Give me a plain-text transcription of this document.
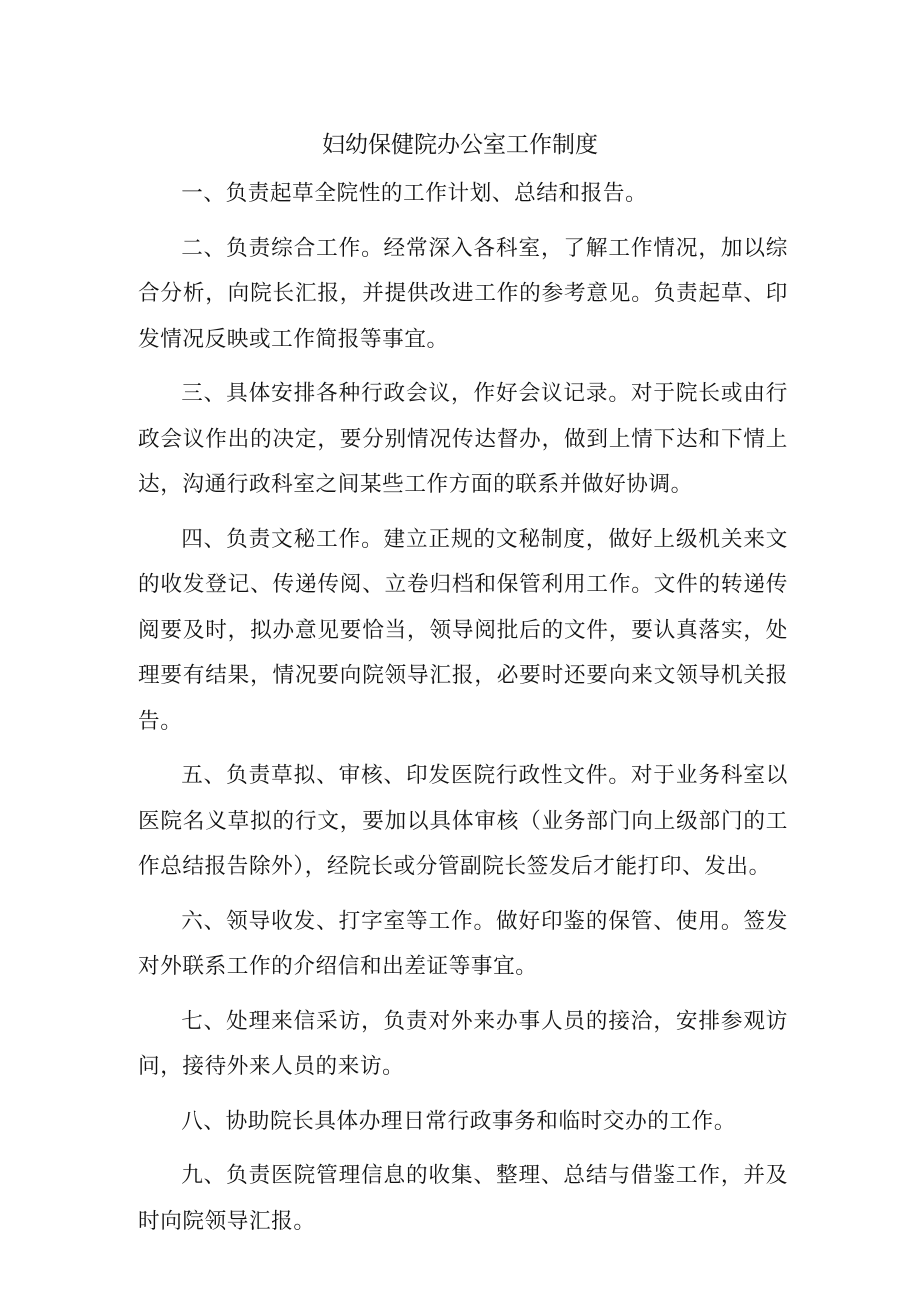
妇幼保健院办公室工作制度

一、负责起草全院性的工作计划、总结和报告。

二、负责综合工作。经常深入各科室，了解工作情况，加以综合分析，向院长汇报，并提供改进工作的参考意见。负责起草、印发情况反映或工作简报等事宜。

三、具体安排各种行政会议，作好会议记录。对于院长或由行政会议作出的决定，要分别情况传达督办，做到上情下达和下情上达，沟通行政科室之间某些工作方面的联系并做好协调。

四、负责文秘工作。建立正规的文秘制度，做好上级机关来文的收发登记、传递传阅、立卷归档和保管利用工作。文件的转递传阅要及时，拟办意见要恰当，领导阅批后的文件，要认真落实，处理要有结果，情况要向院领导汇报，必要时还要向来文领导机关报告。

五、负责草拟、审核、印发医院行政性文件。对于业务科室以医院名义草拟的行文，要加以具体审核（业务部门向上级部门的工作总结报告除外），经院长或分管副院长签发后才能打印、发出。

六、领导收发、打字室等工作。做好印鉴的保管、使用。签发对外联系工作的介绍信和出差证等事宜。

七、处理来信采访，负责对外来办事人员的接洽，安排参观访问，接待外来人员的来访。

八、协助院长具体办理日常行政事务和临时交办的工作。

九、负责医院管理信息的收集、整理、总结与借鉴工作，并及时向院领导汇报。
